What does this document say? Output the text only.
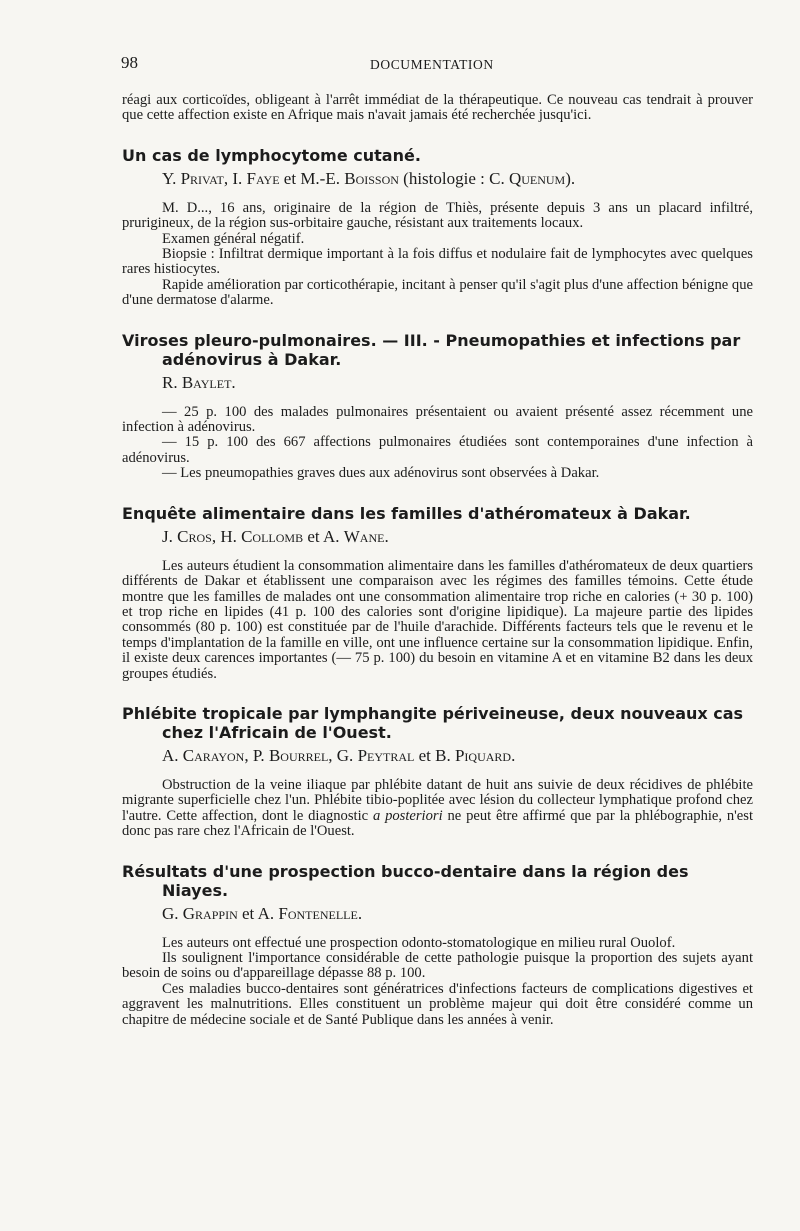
98	DOCUMENTATION

réagi aux corticoïdes, obligeant à l'arrêt immédiat de la thérapeutique. Ce nouveau cas tendrait à prouver que cette affection existe en Afrique mais n'avait jamais été recherchée jusqu'ici.

Un cas de lymphocytome cutané.
Y. Privat, I. Faye et M.-E. Boisson (histologie : C. Quenum).

M. D..., 16 ans, originaire de la région de Thiès, présente depuis 3 ans un placard infiltré, prurigineux, de la région sus-orbitaire gauche, résistant aux traitements locaux.

Examen général négatif.

Biopsie : Infiltrat dermique important à la fois diffus et nodulaire fait de lymphocytes avec quelques rares histiocytes.

Rapide amélioration par corticothérapie, incitant à penser qu'il s'agit plus d'une affection bénigne que d'une dermatose d'alarme.

Viroses pleuro-pulmonaires. — III. - Pneumopathies et infections par adénovirus à Dakar.
R. Baylet.

— 25 p. 100 des malades pulmonaires présentaient ou avaient présenté assez récemment une infection à adénovirus.

— 15 p. 100 des 667 affections pulmonaires étudiées sont contemporaines d'une infection à adénovirus.

— Les pneumopathies graves dues aux adénovirus sont observées à Dakar.

Enquête alimentaire dans les familles d'athéromateux à Dakar.
J. Cros, H. Collomb et A. Wane.

Les auteurs étudient la consommation alimentaire dans les familles d'athéromateux de deux quartiers différents de Dakar et établissent une comparaison avec les régimes des familles témoins. Cette étude montre que les familles de malades ont une consommation alimentaire trop riche en calories (+ 30 p. 100) et trop riche en lipides (41 p. 100 des calories sont d'origine lipidique). La majeure partie des lipides consommés (80 p. 100) est constituée par de l'huile d'arachide. Différents facteurs tels que le revenu et le temps d'implantation de la famille en ville, ont une influence certaine sur la consommation lipidique. Enfin, il existe deux carences importantes (— 75 p. 100) du besoin en vitamine A et en vitamine B2 dans les deux groupes étudiés.

Phlébite tropicale par lymphangite périveineuse, deux nouveaux cas chez l'Africain de l'Ouest.
A. Carayon, P. Bourrel, G. Peytral et B. Piquard.

Obstruction de la veine iliaque par phlébite datant de huit ans suivie de deux récidives de phlébite migrante superficielle chez l'un. Phlébite tibio-poplitée avec lésion du collecteur lymphatique profond chez l'autre. Cette affection, dont le diagnostic a posteriori ne peut être affirmé que par la phlébographie, n'est donc pas rare chez l'Africain de l'Ouest.

Résultats d'une prospection bucco-dentaire dans la région des Niayes.
G. Grappin et A. Fontenelle.

Les auteurs ont effectué une prospection odonto-stomatologique en milieu rural Ouolof.

Ils soulignent l'importance considérable de cette pathologie puisque la proportion des sujets ayant besoin de soins ou d'appareillage dépasse 88 p. 100.

Ces maladies bucco-dentaires sont génératrices d'infections facteurs de complications digestives et aggravent les malnutritions. Elles constituent un problème majeur qui doit être considéré comme un chapitre de médecine sociale et de Santé Publique dans les années à venir.
